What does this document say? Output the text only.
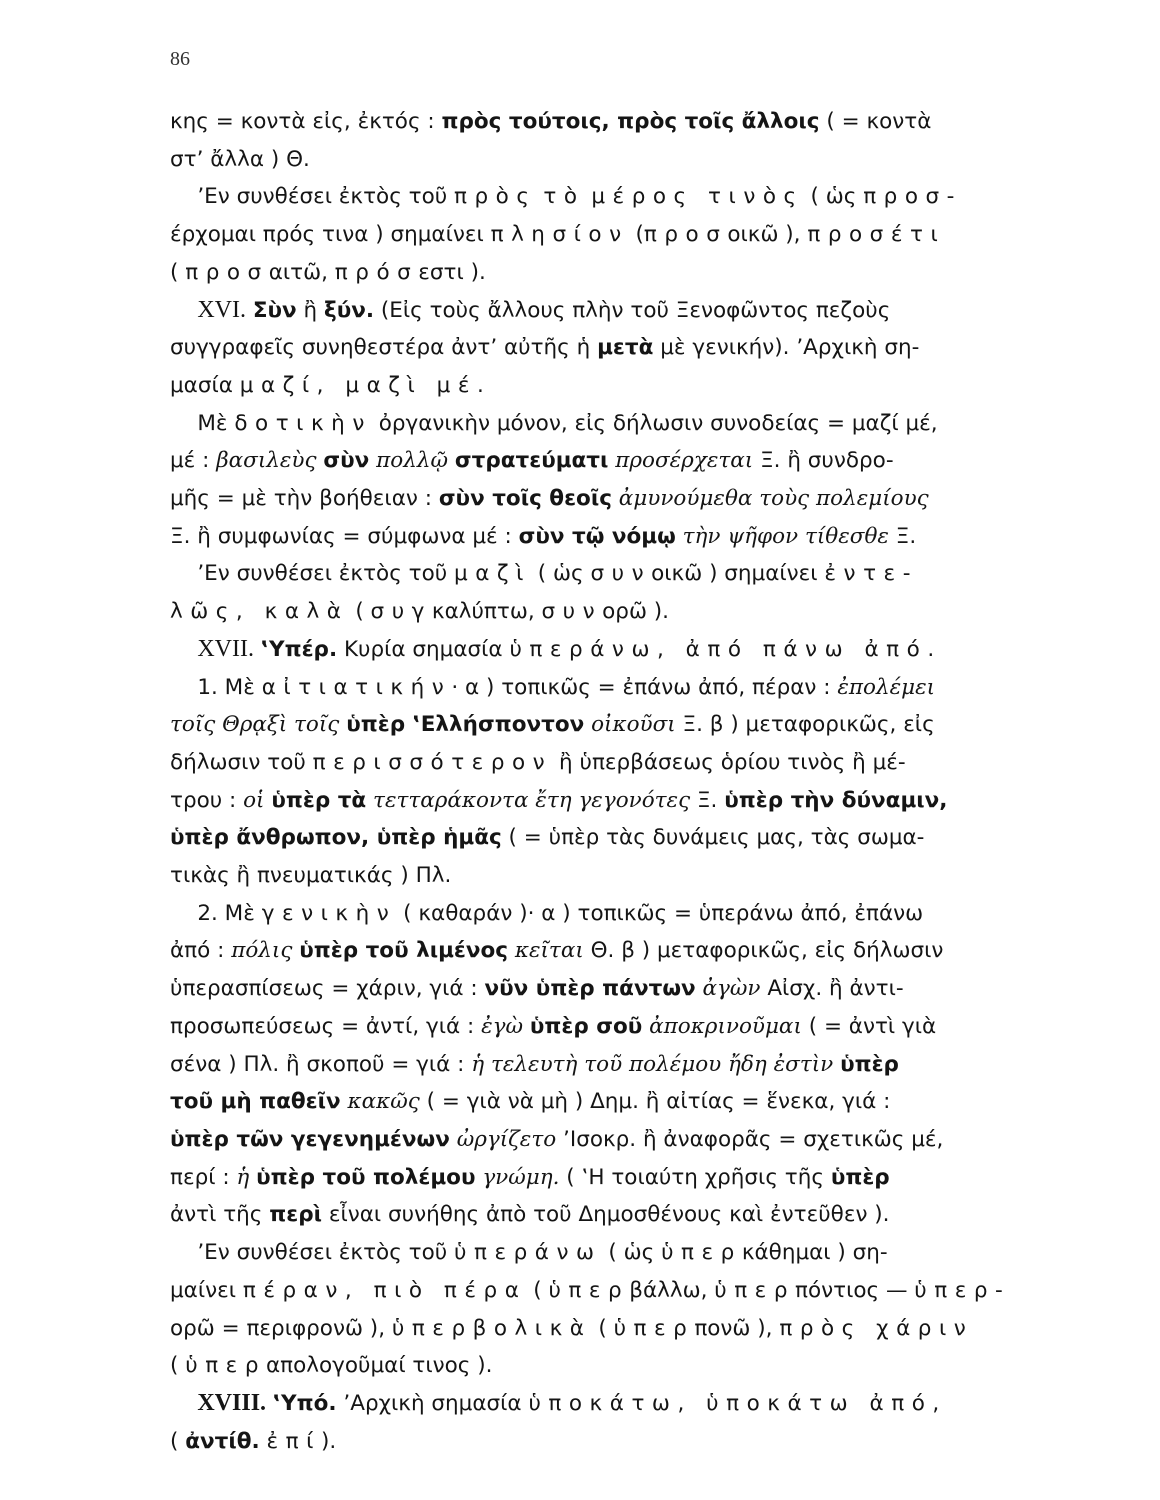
86
κης = κοντὰ εἰς, ἐκτός : πρὸς τούτοις, πρὸς τοῖς ἄλλοις ( = κοντὰ
στ’ ἄλλα ) Θ.
’Εν συνθέσει ἐκτὸς τοῦ πρὸς τὸ μέρος τινὸς ( ὡς προσ-
έρχομαι πρός τινα ) σημαίνει πλησίον (προσοικῶ ), προσέτι
( προσαιτῶ, πρόσεστι ).
XVI. Σὺν ἢ ξύν. (Εἰς τοὺς ἄλλους πλὴν τοῦ Ξενοφῶντος πεζοὺς
συγγραφεῖς συνηθεστέρα ἀντ’ αὐτῆς ἡ μετὰ μὲ γενικήν). ’Αρχικὴ ση-
μασία μαζί, μαζὶ μέ.
Μὲ δοτικὴν ὀργανικὴν μόνον, εἰς δήλωσιν συνοδείας = μαζί μέ,
μέ : βασιλεὺς σὺν πολλῷ στρατεύματι προσέρχεται Ξ. ἢ συνδρο-
μῆς = μὲ τὴν βοήθειαν : σὺν τοῖς θεοῖς ἀμυνούμεθα τοὺς πολεμίους
Ξ. ἢ συμφωνίας = σύμφωνα μέ : σὺν τῷ νόμῳ τὴν ψῆφον τίθεσθε Ξ.
’Εν συνθέσει ἐκτὸς τοῦ μαζὶ ( ὡς συνοικῶ ) σημαίνει ἐντε-
λῶς, καλὰ ( συγκαλύπτω, συνορῶ ).
XVII. ‛Υπέρ. Κυρία σημασία ὑπεράνω, ἀπό πάνω ἀπό.
1. Μὲ αἰτιατικήν· α ) τοπικῶς = ἐπάνω ἀπό, πέραν : ἐπολέμει
τοῖς Θρᾳξὶ τοῖς ὑπὲρ ‛Ελλήσποντον οἰκοῦσι Ξ. β ) μεταφορικῶς, εἰς
δήλωσιν τοῦ περισσότερον ἢ ὑπερβάσεως ὁρίου τινὸς ἢ μέ-
τρου : οἱ ὑπὲρ τὰ τετταράκοντα ἔτη γεγονότες Ξ. ὑπὲρ τὴν δύναμιν,
ὑπὲρ ἄνθρωπον, ὑπὲρ ἡμᾶς ( = ὑπὲρ τὰς δυνάμεις μας, τὰς σωμα-
τικὰς ἢ πνευματικάς ) Πλ.
2. Μὲ γενικὴν ( καθαράν )· α ) τοπικῶς = ὑπεράνω ἀπό, ἐπάνω
ἀπό : πόλις ὑπὲρ τοῦ λιμένος κεῖται Θ. β ) μεταφορικῶς, εἰς δήλωσιν
ὑπερασπίσεως = χάριν, γιά : νῦν ὑπὲρ πάντων ἀγὼν Αἰσχ. ἢ ἀντι-
προσωπεύσεως = ἀντί, γιά : ἐγὼ ὑπὲρ σοῦ ἀποκρινοῦμαι ( = ἀντὶ γιὰ
σένα ) Πλ. ἢ σκοποῦ = γιά : ἡ τελευτὴ τοῦ πολέμου ἤδη ἐστὶν ὑπὲρ
τοῦ μὴ παθεῖν κακῶς ( = γιὰ νὰ μὴ ) Δημ. ἢ αἰτίας = ἕνεκα, γιά :
ὑπὲρ τῶν γεγενημένων ὠργίζετο ’Ισοκρ. ἢ ἀναφορᾶς = σχετικῶς μέ,
περί : ἡ ὑπὲρ τοῦ πολέμου γνώμη. ( ‛Η τοιαύτη χρῆσις τῆς ὑπὲρ
ἀντὶ τῆς περὶ εἶναι συνήθης ἀπὸ τοῦ Δημοσθένους καὶ ἐντεῦθεν ).
’Εν συνθέσει ἐκτὸς τοῦ ὑπεράνω ( ὡς ὑπερκάθημαι ) ση-
μαίνει πέραν, πιὸ πέρα ( ὑπερβάλλω, ὑπερπόντιος — ὑπερ-
ορῶ = περιφρονῶ ), ὑπερβολικὰ ( ὑπερπονῶ ), πρὸς χάριν
( ὑπεραπολογοῦμαί τινος ).
XVIII. ‛Υπό. ’Αρχικὴ σημασία ὑποκάτω, ὑποκάτω ἀπό,
( ἀντίθ. ἐπί).
